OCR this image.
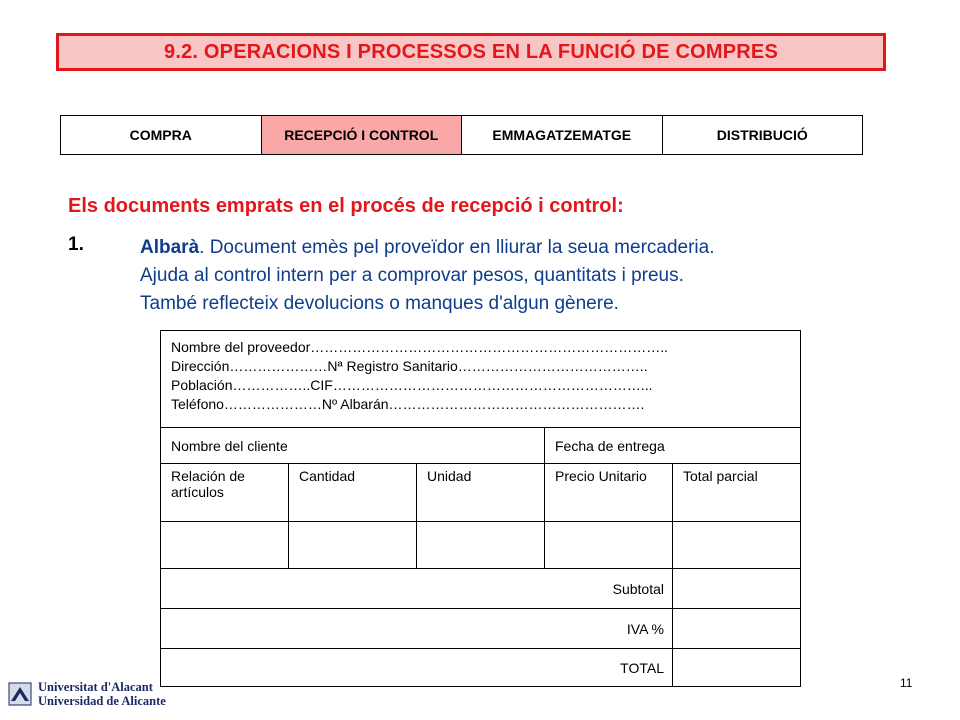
9.2. OPERACIONS I PROCESSOS EN LA FUNCIÓ DE COMPRES
COMPRA	RECEPCIÓ I CONTROL	EMMAGATZEMATGE	DISTRIBUCIÓ
Els documents emprats en el procés de recepció i control:
1.	Albarà. Document emès pel proveïdor en lliurar la seua mercaderia.
Ajuda al control intern per a comprovar pesos, quantitats i preus.
També reflecteix devolucions o manques d'algun gènere.
Nombre del proveedor…………………………………………………………………..
Dirección…………………Nª Registro Sanitario…………………………………..
Población……………..CIF…………………………………………………………...
Teléfono…………………Nº Albarán……………………………………………….				

Nombre del cliente			Fecha de entrega	
Relación de artículos	Cantidad	Unidad	Precio Unitario	Total parcial

Subtotal				
IVA %				
TOTAL				
Universitat d'Alacant
Universidad de Alicante
11
